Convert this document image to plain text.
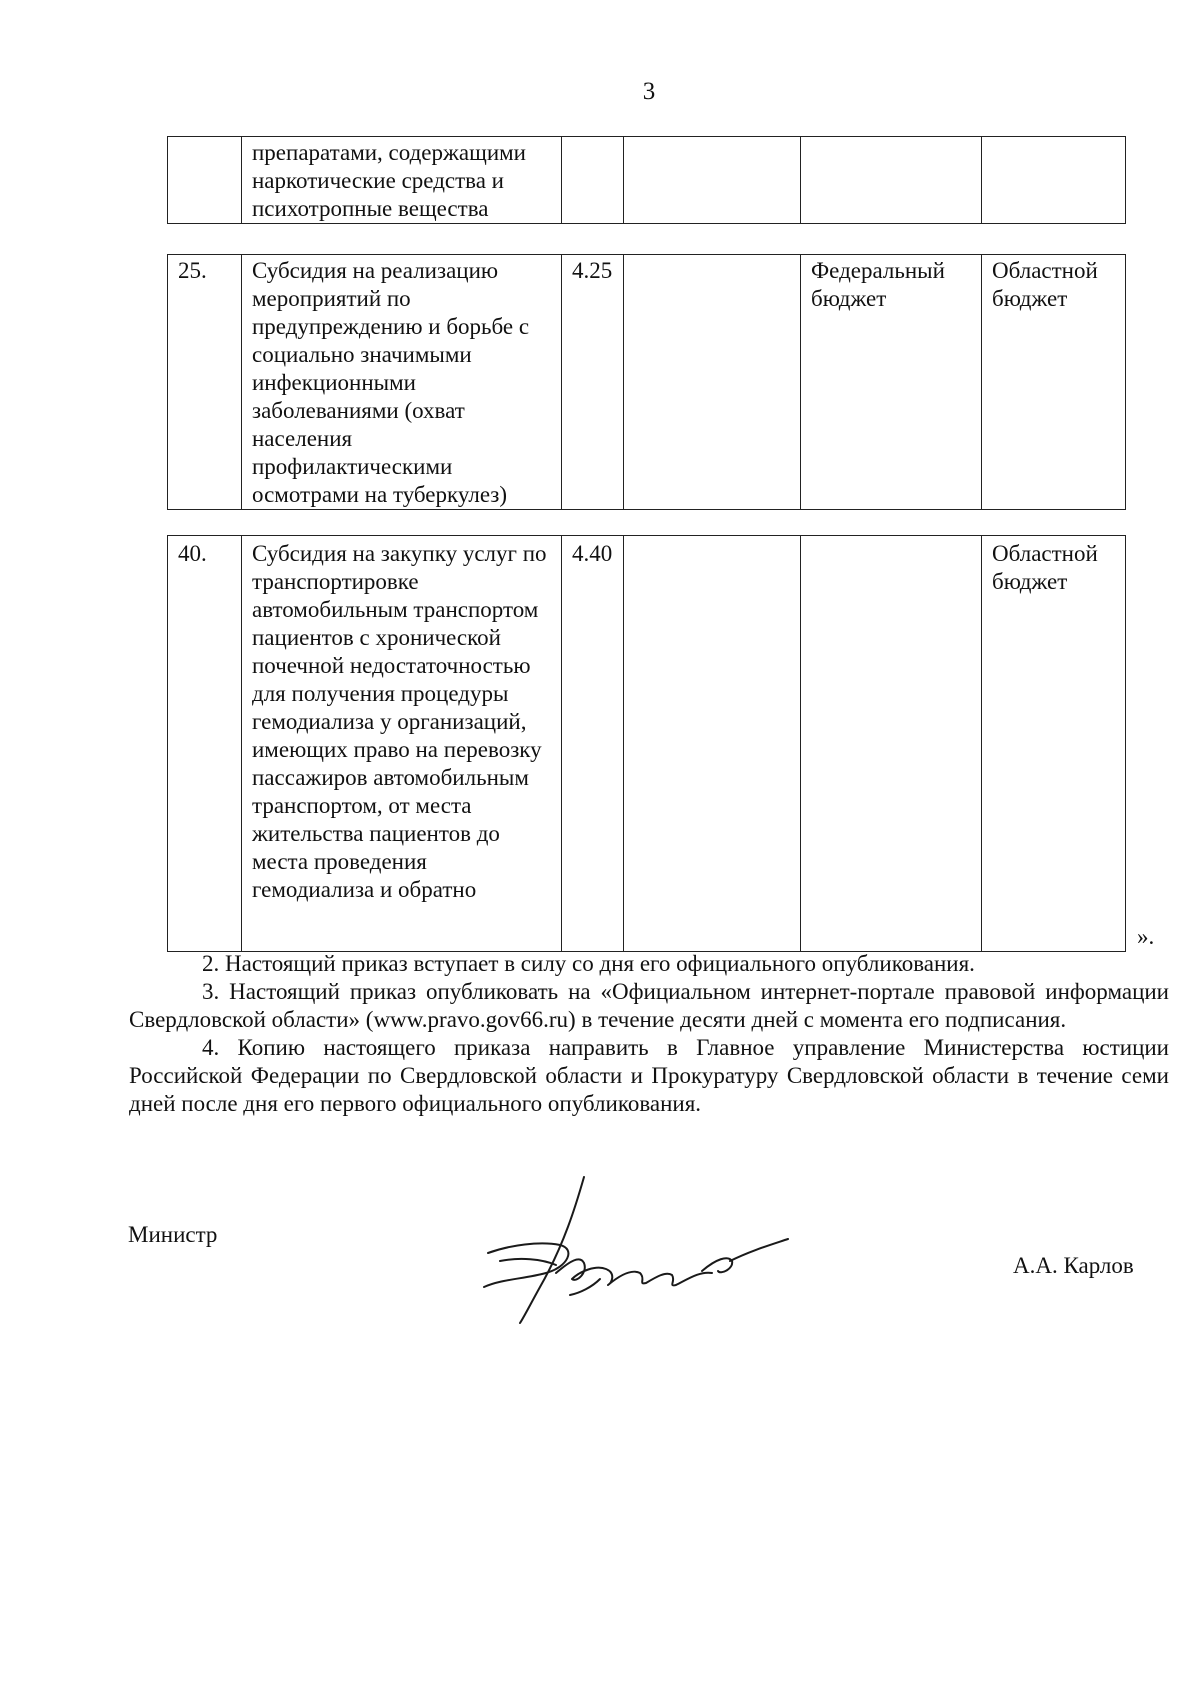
3
	препаратами, содержащими наркотические средства и психотропные вещества				
25.	Субсидия на реализацию мероприятий по предупреждению и борьбе с социально значимыми инфекционными заболеваниями (охват населения профилактическими осмотрами на туберкулез)	4.25		Федеральный бюджет	Областной бюджет
40.	Субсидия на закупку услуг по транспортировке автомобильным транспортом пациентов с хронической почечной недостаточностью для получения процедуры гемодиализа у организаций, имеющих право на перевозку пассажиров автомобильным транспортом, от места жительства пациентов до места проведения гемодиализа и обратно	4.40			Областной бюджет
».

2. Настоящий приказ вступает в силу со дня его официального опубликования.

3. Настоящий приказ опубликовать на «Официальном интернет-портале правовой информации Свердловской области» (www.pravo.gov66.ru) в течение десяти дней с момента его подписания.

4. Копию настоящего приказа направить в Главное управление Министерства юстиции Российской Федерации по Свердловской области и Прокуратуру Свердловской области в течение семи дней после дня его первого официального опубликования.

Министр
А.А. Карлов
